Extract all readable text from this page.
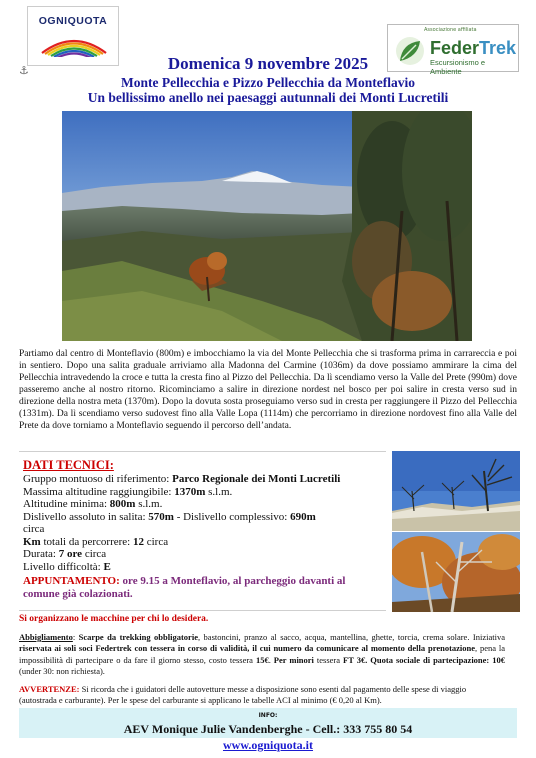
OGNIQUOTA
⚓
Associazione affiliata
FederTrek
Escursionismo e Ambiente
Domenica 9 novembre 2025
Monte Pellecchia e Pizzo Pellecchia da Monteflavio
Un bellissimo anello nei paesaggi autunnali dei Monti Lucretili
Partiamo dal centro di Monteflavio (800m) e imbocchiamo la via del Monte Pellecchia che si trasforma prima in carrareccia e poi in sentiero. Dopo una salita graduale arriviamo alla Madonna del Carmine (1036m) da dove possiamo ammirare la cima del Pellecchia intravedendo la croce e tutta la cresta fino al Pizzo del Pellecchia. Da lì scendiamo verso la Valle del Prete (990m) dove passeremo anche al nostro ritorno. Ricominciamo a salire in direzione nordest nel bosco per poi salire in cresta verso sud in direzione della nostra meta (1370m). Dopo la dovuta sosta proseguiamo verso sud in cresta per raggiungere il Pizzo del Pellecchia (1331m). Da lì scendiamo verso sudovest fino alla Valle Lopa (1114m) che percorriamo in direzione nordovest fino alla Valle del Prete da dove torniamo a Monteflavio seguendo il percorso dell’andata.
DATI TECNICI:
Gruppo montuoso di riferimento: Parco Regionale dei Monti Lucretili
Massima altitudine raggiungibile: 1370m s.l.m.
Altitudine minima: 800m s.l.m.
Dislivello assoluto in salita: 570m - Dislivello complessivo: 690m
circa
Km totali da percorrere: 12 circa
Durata: 7 ore circa
Livello difficoltà: E
APPUNTAMENTO: ore 9.15 a Monteflavio, al parcheggio davanti al
comune già colazionati.
Si organizzano le macchine per chi lo desidera.
Abbigliamento: Scarpe da trekking obbligatorie, bastoncini, pranzo al sacco, acqua, mantellina, ghette, torcia, crema solare. Iniziativa riservata ai soli soci Federtrek con tessera in corso di validità, il cui numero da comunicare al momento della prenotazione, pena la impossibilità di partecipare o da fare il giorno stesso, costo tessera 15€. Per minori tessera FT 3€. Quota sociale di partecipazione: 10€ (under 30: non richiesta).
AVVERTENZE: Si ricorda che i guidatori delle autovetture messe a disposizione sono esenti dal pagamento delle spese di viaggio (autostrada e carburante). Per le spese del carburante si applicano le tabelle ACI al minimo (€ 0,20 al Km).
INFO:
AEV Monique Julie Vandenberghe - Cell.: 333 755 80 54
www.ogniquota.it
